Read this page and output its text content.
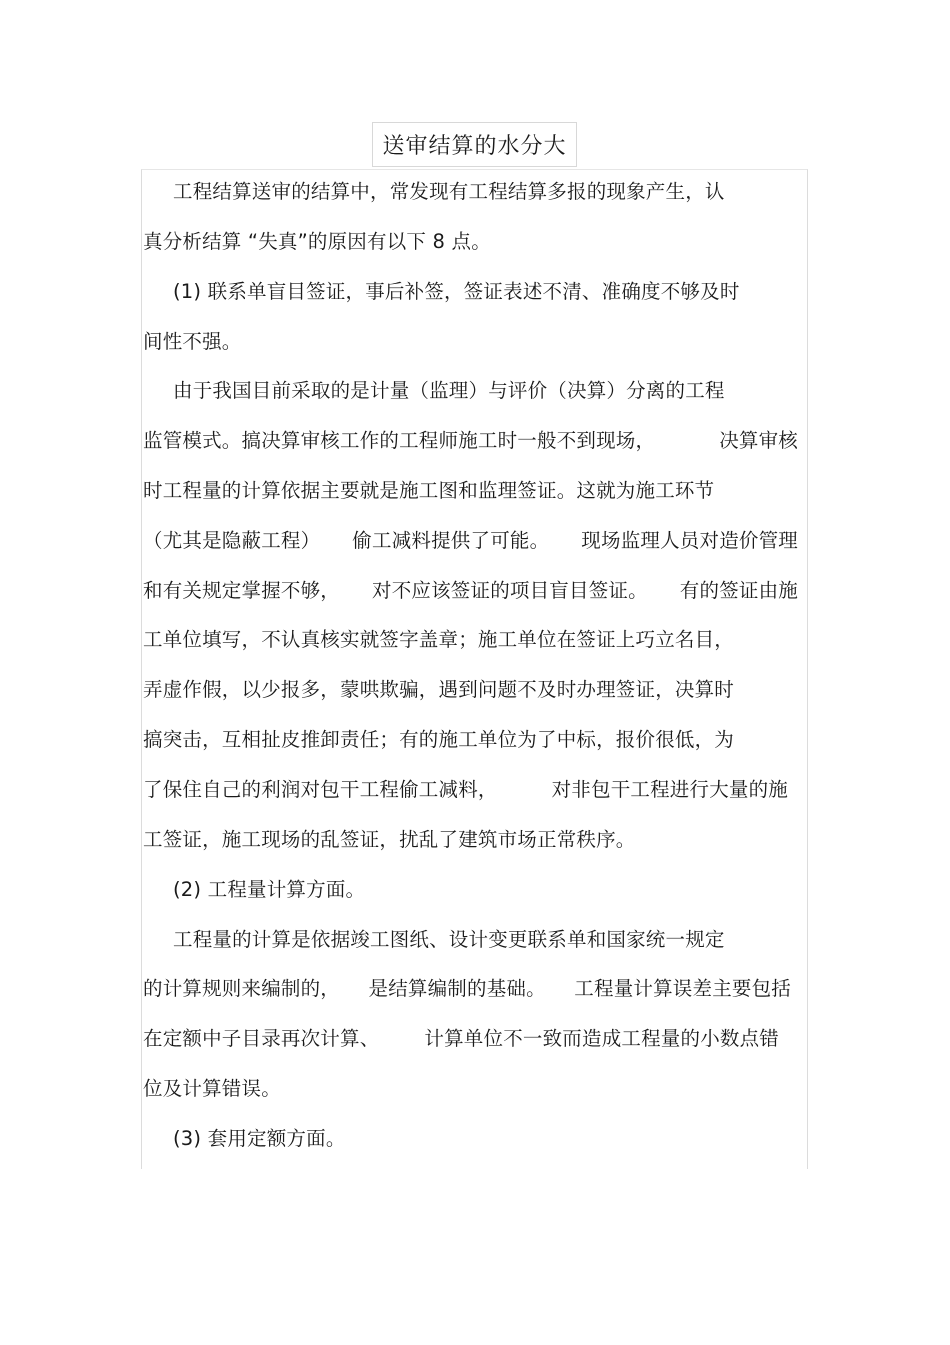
送审结算的水分大
工程结算送审的结算中，常发现有工程结算多报的现象产生，认
真分析结算 “失真”的原因有以下 8 点。
(1) 联系单盲目签证，事后补签，签证表述不清、准确度不够及时
间性不强。
由于我国目前采取的是计量（监理）与评价（决算）分离的工程
监管模式。搞决算审核工作的工程师施工时一般不到现场，	决算审核
时工程量的计算依据主要就是施工图和监理签证。这就为施工环节
（尤其是隐蔽工程） 偷工减料提供了可能。 现场监理人员对造价管理
和有关规定掌握不够， 对不应该签证的项目盲目签证。 有的签证由施
工单位填写，不认真核实就签字盖章；施工单位在签证上巧立名目，
弄虚作假，以少报多，蒙哄欺骗，遇到问题不及时办理签证，决算时
搞突击，互相扯皮推卸责任；有的施工单位为了中标，报价很低，为
了保住自己的利润对包干工程偷工减料，	对非包干工程进行大量的施
工签证，施工现场的乱签证，扰乱了建筑市场正常秩序。
(2) 工程量计算方面。
工程量的计算是依据竣工图纸、设计变更联系单和国家统一规定
的计算规则来编制的， 是结算编制的基础。 工程量计算误差主要包括
在定额中子目录再次计算、 计算单位不一致而造成工程量的小数点错
位及计算错误。
(3) 套用定额方面。
